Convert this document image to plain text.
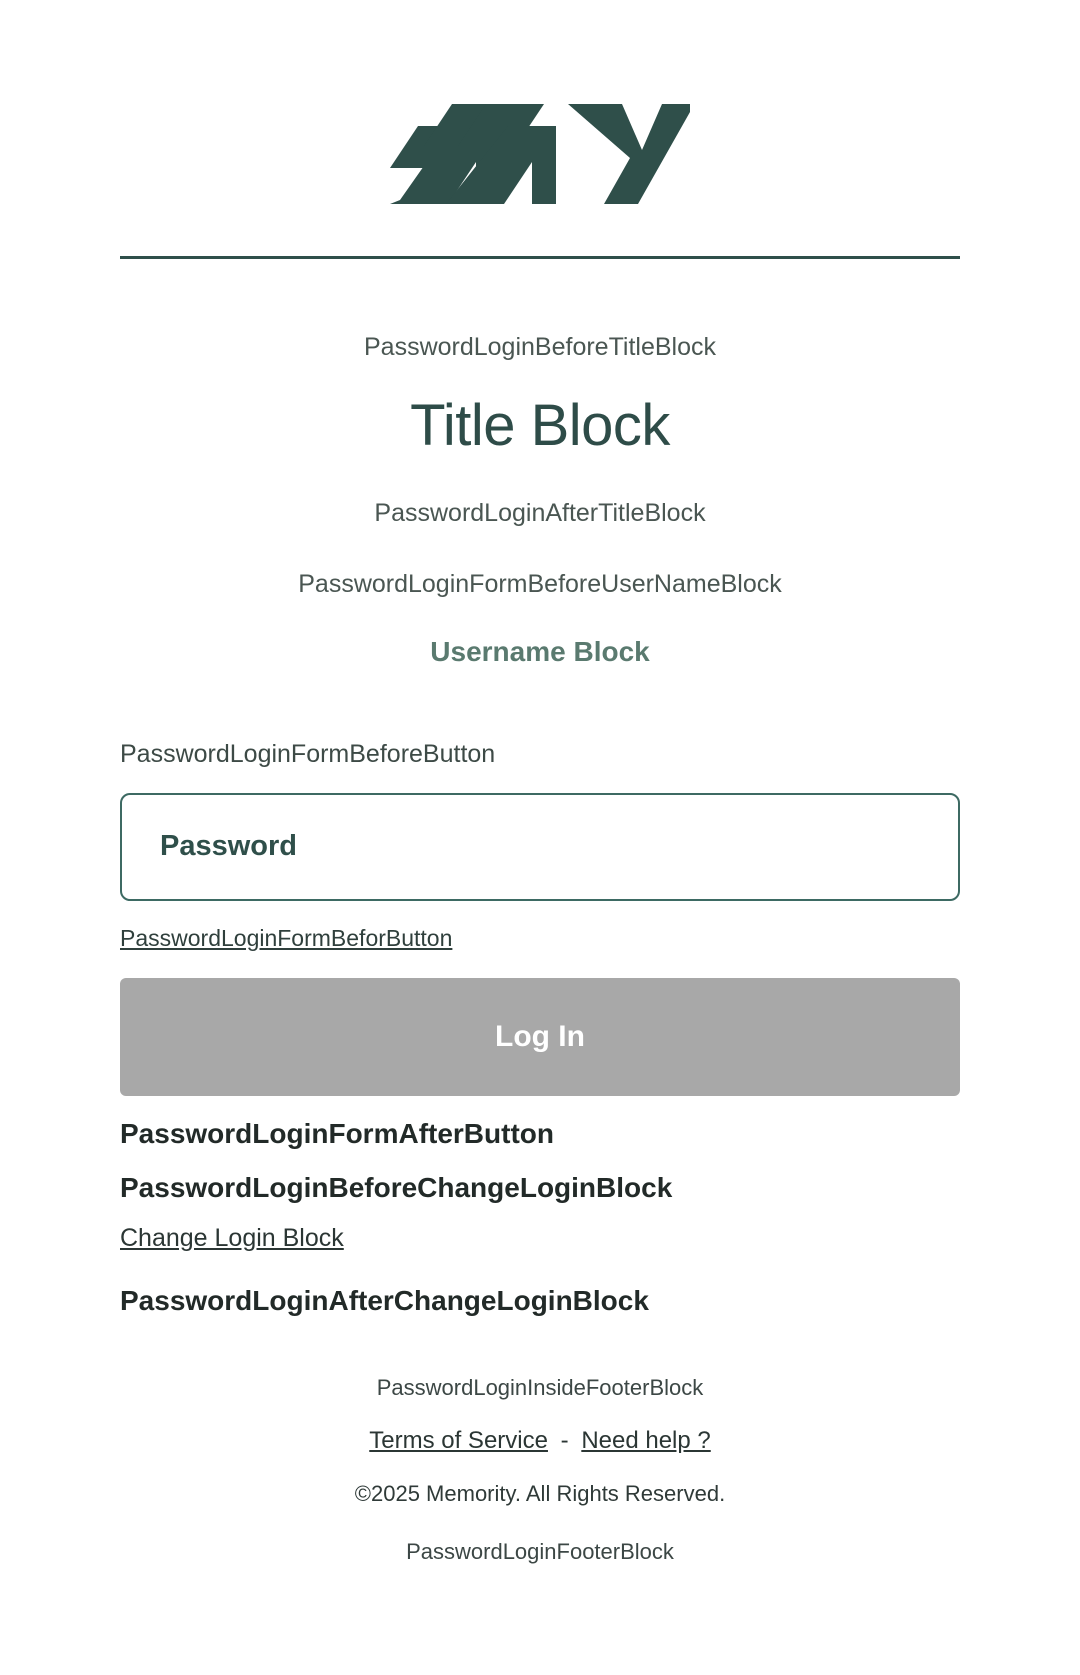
PasswordLoginBeforeTitleBlock
Title Block
PasswordLoginAfterTitleBlock
PasswordLoginFormBeforeUserNameBlock
Username Block
PasswordLoginFormBeforeButton
Password
PasswordLoginFormBeforButton
Log In
PasswordLoginFormAfterButton
PasswordLoginBeforeChangeLoginBlock
Change Login Block
PasswordLoginAfterChangeLoginBlock
PasswordLoginInsideFooterBlock
Terms of Service - Need help ?
©2025 Memority. All Rights Reserved.
PasswordLoginFooterBlock
